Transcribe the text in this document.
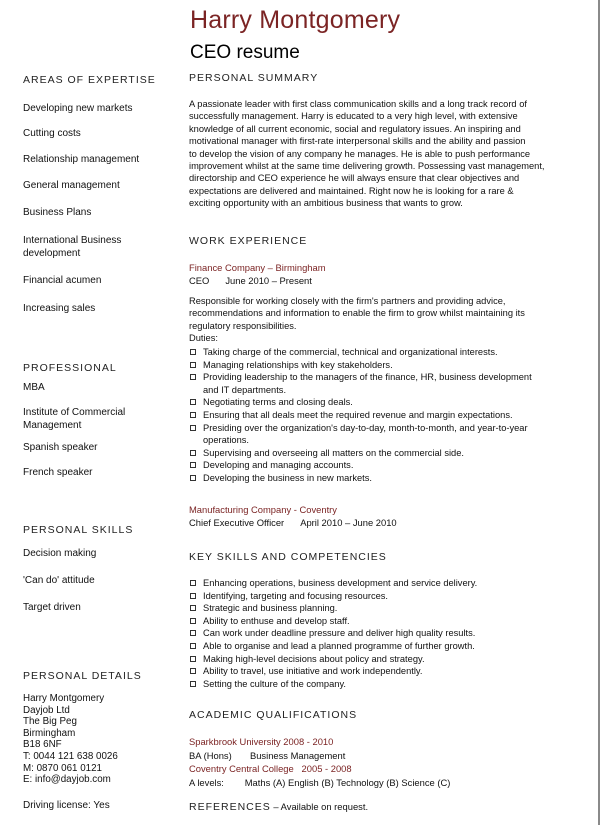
Harry Montgomery
CEO resume
AREAS OF EXPERTISE
Developing new markets
Cutting costs
Relationship management
General management
Business Plans
International Business development
Financial acumen
Increasing sales
PROFESSIONAL
MBA
Institute of Commercial Management
Spanish speaker
French speaker
PERSONAL SKILLS
Decision making
'Can do' attitude
Target driven
PERSONAL DETAILS
Harry Montgomery
Dayjob Ltd
The Big Peg
Birmingham
B18 6NF
T: 0044 121 638 0026
M: 0870 061 0121
E: info@dayjob.com
Driving license: Yes
PERSONAL SUMMARY
A passionate leader with first class communication skills and a long track record of
successfully management. Harry is educated to a very high level, with extensive
knowledge of all current economic, social and regulatory issues. An inspiring and
motivational manager with first-rate interpersonal skills and the ability and passion
to develop the vision of any company he manages. He is able to push performance
improvement whilst at the same time delivering growth. Possessing vast management,
directorship and CEO experience he will always ensure that clear objectives and
expectations are delivered and maintained. Right now he is looking for a rare &
exciting opportunity with an ambitious business that wants to grow.
WORK EXPERIENCE
Finance Company – Birmingham
CEO June 2010 – Present
Responsible for working closely with the firm's partners and providing advice,
recommendations and information to enable the firm to grow whilst maintaining its
regulatory responsibilities.
Duties:
Taking charge of the commercial, technical and organizational interests.
Managing relationships with key stakeholders.
Providing leadership to the managers of the finance, HR, business development
and IT departments.
Negotiating terms and closing deals.
Ensuring that all deals meet the required revenue and margin expectations.
Presiding over the organization's day-to-day, month-to-month, and year-to-year
operations.
Supervising and overseeing all matters on the commercial side.
Developing and managing accounts.
Developing the business in new markets.
Manufacturing Company - Coventry
Chief Executive Officer April 2010 – June 2010
KEY SKILLS AND COMPETENCIES
Enhancing operations, business development and service delivery.
Identifying, targeting and focusing resources.
Strategic and business planning.
Ability to enthuse and develop staff.
Can work under deadline pressure and deliver high quality results.
Able to organise and lead a planned programme of further growth.
Making high-level decisions about policy and strategy.
Ability to travel, use initiative and work independently.
Setting the culture of the company.
ACADEMIC QUALIFICATIONS
Sparkbrook University 2008 - 2010
BA (Hons)       Business Management
Coventry Central College   2005 - 2008
A levels:        Maths (A) English (B) Technology (B) Science (C)
REFERENCES – Available on request.
